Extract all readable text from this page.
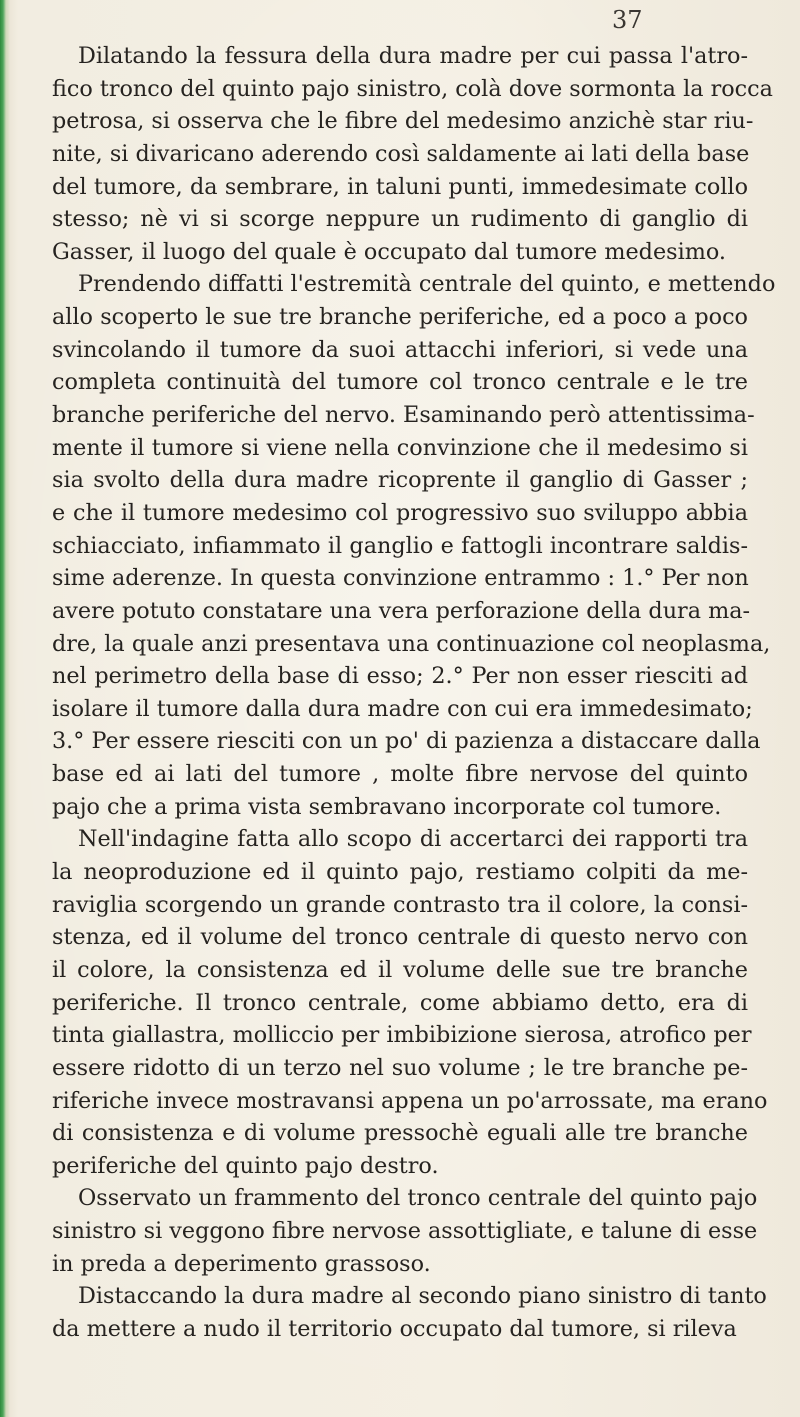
37
Dilatando la fessura della dura madre per cui passa l'atro-
fico tronco del quinto pajo sinistro, colà dove sormonta la rocca
petrosa, si osserva che le fibre del medesimo anzichè star riu-
nite, si divaricano aderendo così saldamente ai lati della base
del tumore, da sembrare, in taluni punti, immedesimate collo
stesso; nè vi si scorge neppure un rudimento di ganglio di
Gasser, il luogo del quale è occupato dal tumore medesimo.
Prendendo diffatti l'estremità centrale del quinto, e mettendo
allo scoperto le sue tre branche periferiche, ed a poco a poco
svincolando il tumore da suoi attacchi inferiori, si vede una
completa continuità del tumore col tronco centrale e le tre
branche periferiche del nervo. Esaminando però attentissima-
mente il tumore si viene nella convinzione che il medesimo si
sia svolto della dura madre ricoprente il ganglio di Gasser ;
e che il tumore medesimo col progressivo suo sviluppo abbia
schiacciato, infiammato il ganglio e fattogli incontrare saldis-
sime aderenze. In questa convinzione entrammo : 1.° Per non
avere potuto constatare una vera perforazione della dura ma-
dre, la quale anzi presentava una continuazione col neoplasma,
nel perimetro della base di esso; 2.° Per non esser riesciti ad
isolare il tumore dalla dura madre con cui era immedesimato;
3.° Per essere riesciti con un po' di pazienza a distaccare dalla
base ed ai lati del tumore , molte fibre nervose del quinto
pajo che a prima vista sembravano incorporate col tumore.
Nell'indagine fatta allo scopo di accertarci dei rapporti tra
la neoproduzione ed il quinto pajo, restiamo colpiti da me-
raviglia scorgendo un grande contrasto tra il colore, la consi-
stenza, ed il volume del tronco centrale di questo nervo con
il colore, la consistenza ed il volume delle sue tre branche
periferiche. Il tronco centrale, come abbiamo detto, era di
tinta giallastra, molliccio per imbibizione sierosa, atrofico per
essere ridotto di un terzo nel suo volume ; le tre branche pe-
riferiche invece mostravansi appena un po'arrossate, ma erano
di consistenza e di volume pressochè eguali alle tre branche
periferiche del quinto pajo destro.
Osservato un frammento del tronco centrale del quinto pajo
sinistro si veggono fibre nervose assottigliate, e talune di esse
in preda a deperimento grassoso.
Distaccando la dura madre al secondo piano sinistro di tanto
da mettere a nudo il territorio occupato dal tumore, si rileva
